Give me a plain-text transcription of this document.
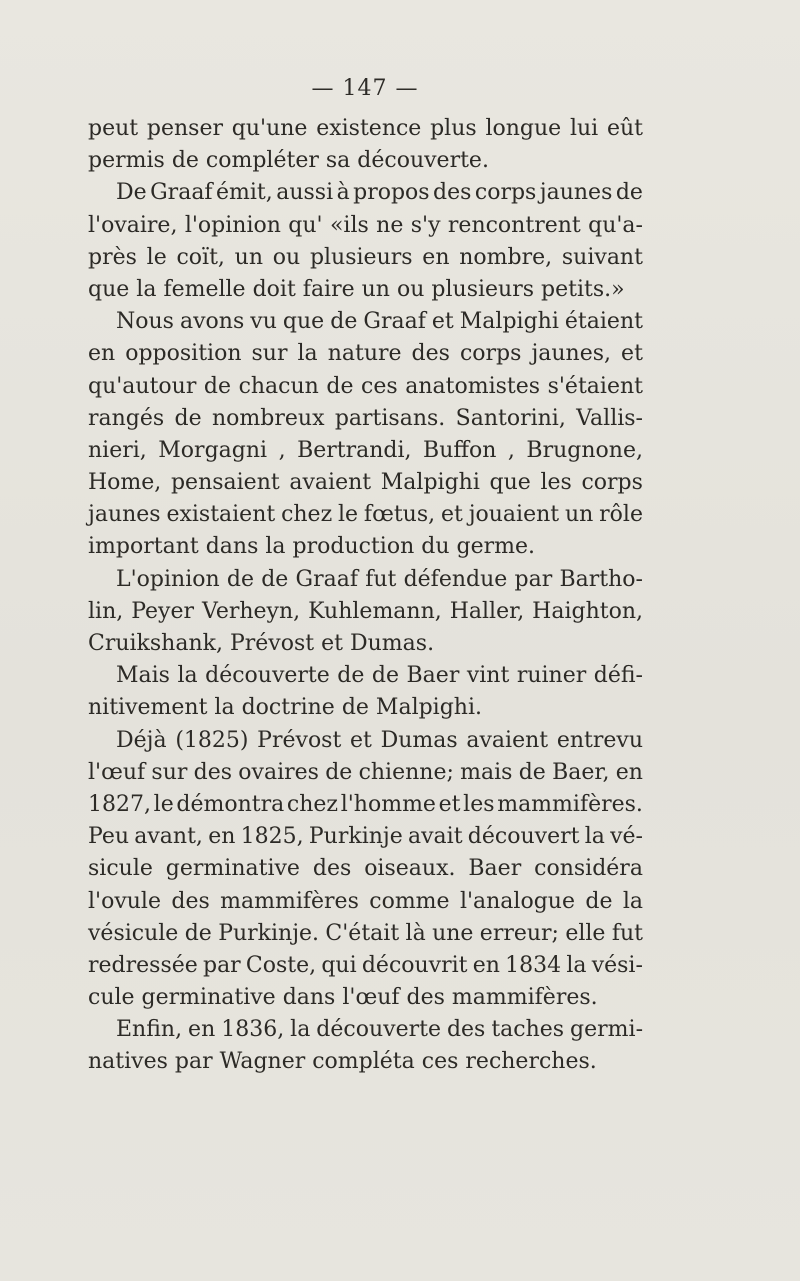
— 147 —
peut penser qu'une existence plus longue lui eût
permis de compléter sa découverte.
De Graaf émit, aussi à propos des corps jaunes de
l'ovaire, l'opinion qu' «ils ne s'y rencontrent qu'a-
près le coït, un ou plusieurs en nombre, suivant
que la femelle doit faire un ou plusieurs petits.»
Nous avons vu que de Graaf et Malpighi étaient
en opposition sur la nature des corps jaunes, et
qu'autour de chacun de ces anatomistes s'étaient
rangés de nombreux partisans. Santorini, Vallis-
nieri, Morgagni , Bertrandi, Buffon , Brugnone,
Home, pensaient avaient Malpighi que les corps
jaunes existaient chez le fœtus, et jouaient un rôle
important dans la production du germe.
L'opinion de de Graaf fut défendue par Bartho-
lin, Peyer Verheyn, Kuhlemann, Haller, Haighton,
Cruikshank, Prévost et Dumas.
Mais la découverte de de Baer vint ruiner défi-
nitivement la doctrine de Malpighi.
Déjà (1825) Prévost et Dumas avaient entrevu
l'œuf sur des ovaires de chienne; mais de Baer, en
1827, le démontra chez l'homme et les mammifères.
Peu avant, en 1825, Purkinje avait découvert la vé-
sicule germinative des oiseaux. Baer considéra
l'ovule des mammifères comme l'analogue de la
vésicule de Purkinje. C'était là une erreur; elle fut
redressée par Coste, qui découvrit en 1834 la vési-
cule germinative dans l'œuf des mammifères.
Enfin, en 1836, la découverte des taches germi-
natives par Wagner compléta ces recherches.
